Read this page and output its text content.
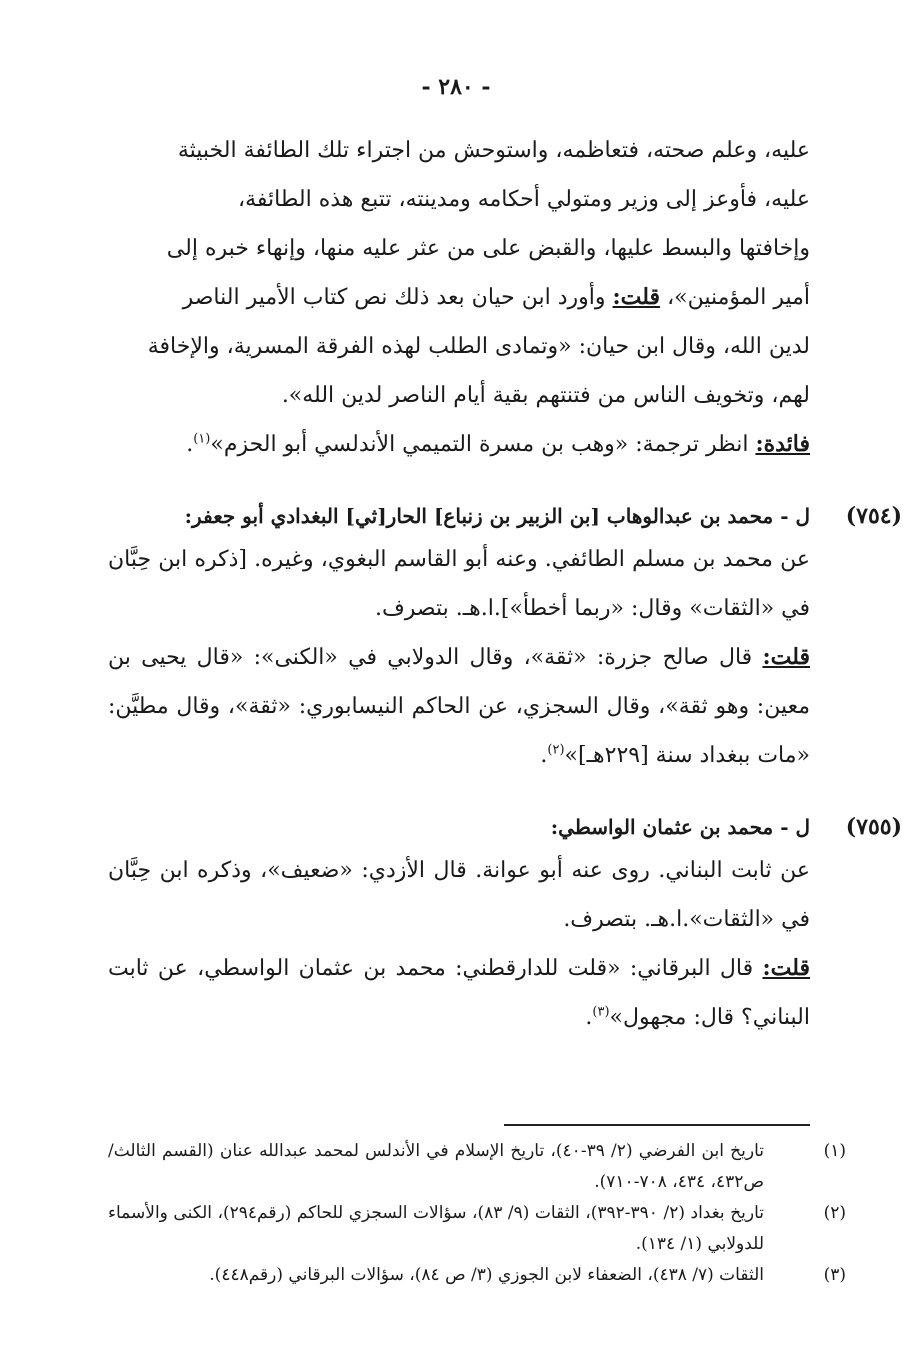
- ٢٨٠ -

عليه، وعلم صحته، فتعاظمه، واستوحش من اجتراء تلك الطائفة الخبيثة

عليه، فأوعز إلى وزير ومتولي أحكامه ومدينته، تتبع هذه الطائفة،

وإخافتها والبسط عليها، والقبض على من عثر عليه منها، وإنهاء خبره إلى

أمير المؤمنين»، قلت: وأورد ابن حيان بعد ذلك نص كتاب الأمير الناصر

لدين الله، وقال ابن حيان: «وتمادى الطلب لهذه الفرقة المسرية، والإخافة

لهم، وتخويف الناس من فتنتهم بقية أيام الناصر لدين الله».

فائدة: انظر ترجمة: «وهب بن مسرة التميمي الأندلسي أبو الحزم»$^{(١)}$.

(٧٥٤)
ل - محمد بن عبدالوهاب [بن الزبير بن زنباع] الحار[ثي] البغدادي أبو جعفر:

عن محمد بن مسلم الطائفي. وعنه أبو القاسم البغوي، وغيره. [ذكره ابن حِبَّان في «الثقات» وقال: «ربما أخطأ»].ا.هـ. بتصرف.

قلت: قال صالح جزرة: «ثقة»، وقال الدولابي في «الكنى»: «قال يحيى بن معين: وهو ثقة»، وقال السجزي، عن الحاكم النيسابوري: «ثقة»، وقال مطيَّن: «مات ببغداد سنة [٢٢٩هـ]»$^{(٢)}$.

(٧٥٥)
ل - محمد بن عثمان الواسطي:

عن ثابت البناني. روى عنه أبو عوانة. قال الأزدي: «ضعيف»، وذكره ابن حِبَّان في «الثقات».ا.هـ. بتصرف.

قلت: قال البرقاني: «قلت للدارقطني: محمد بن عثمان الواسطي، عن ثابت البناني؟ قال: مجهول»$^{(٣)}$.

(١)
تاريخ ابن الفرضي (٢/ ٣٩-٤٠)، تاريخ الإسلام في الأندلس لمحمد عبدالله عنان (القسم الثالث/ ص٤٣٢، ٤٣٤، ٧٠٨-٧١٠).
(٢)
تاريخ بغداد (٢/ ٣٩٠-٣٩٢)، الثقات (٩/ ٨٣)، سؤالات السجزي للحاكم (رقم٢٩٤)، الكنى والأسماء للدولابي (١/ ١٣٤).
(٣)
الثقات (٧/ ٤٣٨)، الضعفاء لابن الجوزي (٣/ ص ٨٤)، سؤالات البرقاني (رقم٤٤٨).
